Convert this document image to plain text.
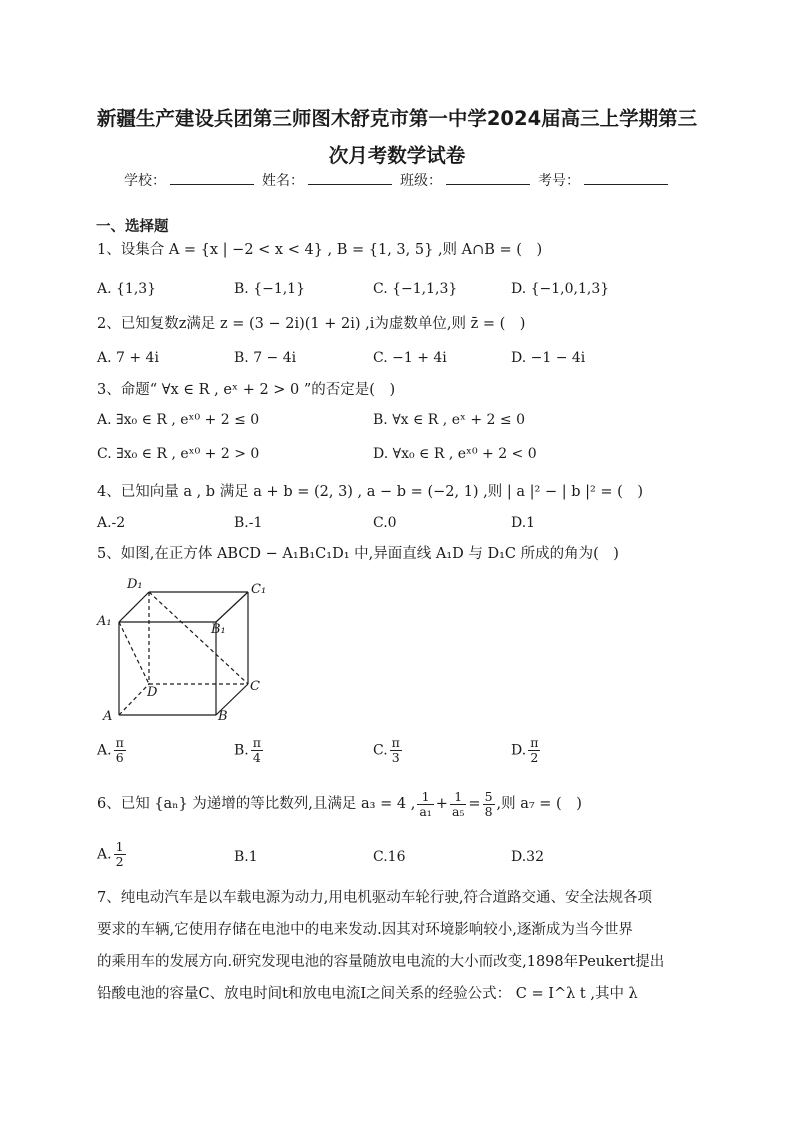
新疆生产建设兵团第三师图木舒克市第一中学2024届高三上学期第三
次月考数学试卷
学校：	姓名：	班级：	考号：
一、选择题
1、设集合 A = {x | −2 < x < 4} , B = {1, 3, 5} ,则 A∩B = (　)
A. {1,3}	B. {−1,1}	C. {−1,1,3}	D. {−1,0,1,3}
2、已知复数z满足 z = (3 − 2i)(1 + 2i) ,i为虚数单位,则 z̄ = (　)
A. 7 + 4i	B. 7 − 4i	C. −1 + 4i	D. −1 − 4i
3、命题“ ∀x ∈ R , eˣ + 2 > 0 ”的否定是(　)
A. ∃x₀ ∈ R , eˣ⁰ + 2 ≤ 0	B. ∀x ∈ R , eˣ + 2 ≤ 0
C. ∃x₀ ∈ R , eˣ⁰ + 2 > 0	D. ∀x₀ ∈ R , eˣ⁰ + 2 < 0
4、已知向量 a , b 满足 a + b = (2, 3) , a − b = (−2, 1) ,则 | a |² − | b |² = (　)
A.-2	B.-1	C.0	D.1
5、如图,在正方体 ABCD − A₁B₁C₁D₁ 中,异面直线 A₁D 与 D₁C 所成的角为(　)
D₁	C₁
A₁
B₁
D	C
A	B
A. $\frac{\pi}{6}$	B. $\frac{\pi}{4}$	C. $\frac{\pi}{3}$	D. $\frac{\pi}{2}$
6、已知 {aₙ} 为递增的等比数列,且满足 a₃ = 4 , $\frac{1}{\text{a₁}} + \frac{1}{\text{a₅}} = \frac{5}{8}$ ,则 a₇ = (　)
A. $\frac{1}{2}$	B.1	C.16	D.32
7、纯电动汽车是以车载电源为动力,用电机驱动车轮行驶,符合道路交通、安全法规各项
要求的车辆,它使用存储在电池中的电来发动.因其对环境影响较小,逐渐成为当今世界
的乘用车的发展方向.研究发现电池的容量随放电电流的大小而改变,1898年Peukert提出
铅酸电池的容量C、放电时间t和放电电流I之间关系的经验公式： C = I^λ t ,其中 λ
